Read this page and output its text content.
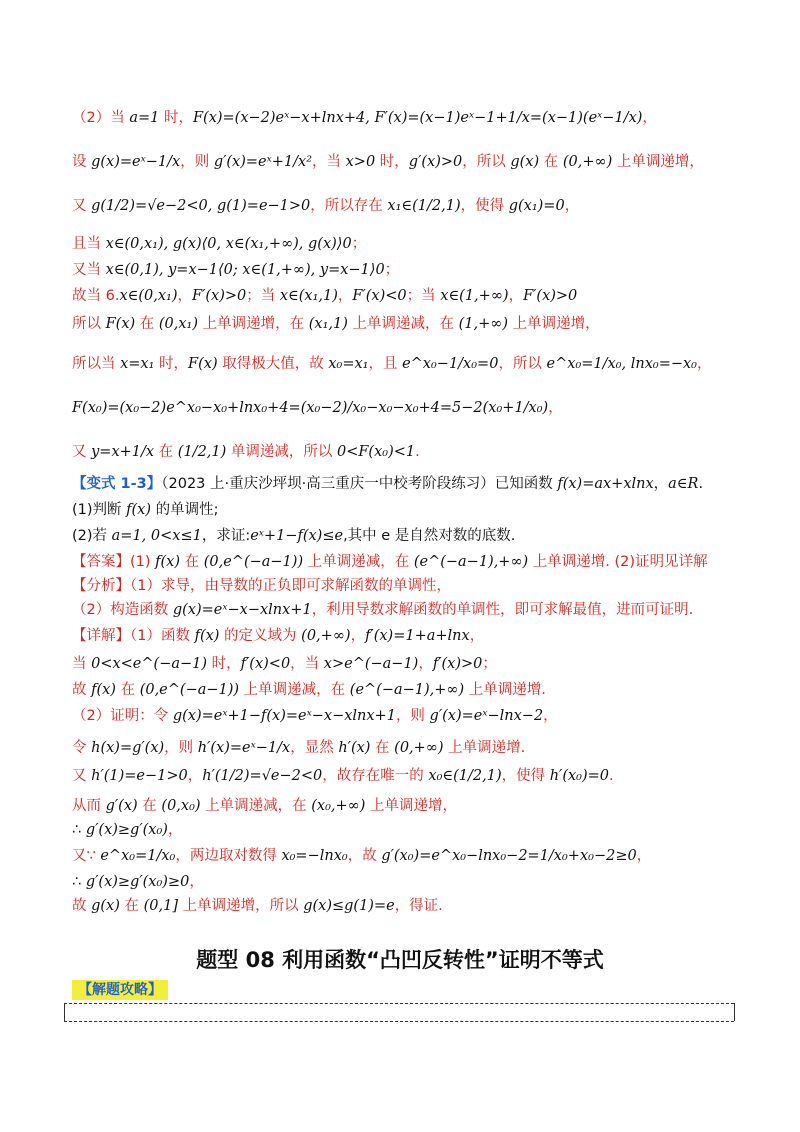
（2）当 a=1 时，F(x)=(x−2)eˣ−x+lnx+4, F′(x)=(x−1)eˣ−1+1/x=(x−1)(eˣ−1/x)，
设 g(x)=eˣ−1/x，则 g′(x)=eˣ+1/x²，当 x>0 时，g′(x)>0，所以 g(x) 在 (0,+∞) 上单调递增，
又 g(1/2)=√e−2<0, g(1)=e−1>0，所以存在 x₁∈(1/2,1)，使得 g(x₁)=0，
且当 x∈(0,x₁), g(x)⟨0, x∈(x₁,+∞), g(x)⟩0；
又当 x∈(0,1), y=x−1⟨0; x∈(1,+∞), y=x−1⟩0；
故当 6.x∈(0,x₁)，F′(x)>0；当 x∈(x₁,1)，F′(x)<0；当 x∈(1,+∞)，F′(x)>0
所以 F(x) 在 (0,x₁) 上单调递增，在 (x₁,1) 上单调递减，在 (1,+∞) 上单调递增，
所以当 x=x₁ 时，F(x) 取得极大值，故 x₀=x₁，且 e^x₀−1/x₀=0，所以 e^x₀=1/x₀, lnx₀=−x₀，
F(x₀)=(x₀−2)e^x₀−x₀+lnx₀+4=(x₀−2)/x₀−x₀−x₀+4=5−2(x₀+1/x₀)，
又 y=x+1/x 在 (1/2,1) 单调递减，所以 0<F(x₀)<1.
【变式 1-3】（2023 上·重庆沙坪坝·高三重庆一中校考阶段练习）已知函数 f(x)=ax+xlnx，a∈R.
(1)判断 f(x) 的单调性;
(2)若 a=1, 0<x≤1，求证:eˣ+1−f(x)≤e,其中 e 是自然对数的底数.
【答案】(1) f(x) 在 (0,e^(−a−1)) 上单调递减，在 (e^(−a−1),+∞) 上单调递增. (2)证明见详解
【分析】（1）求导，由导数的正负即可求解函数的单调性，
（2）构造函数 g(x)=eˣ−x−xlnx+1，利用导数求解函数的单调性，即可求解最值，进而可证明.
【详解】（1）函数 f(x) 的定义域为 (0,+∞)，f′(x)=1+a+lnx，
当 0<x<e^(−a−1) 时，f′(x)<0，当 x>e^(−a−1)，f′(x)>0；
故 f(x) 在 (0,e^(−a−1)) 上单调递减，在 (e^(−a−1),+∞) 上单调递增.
（2）证明：令 g(x)=eˣ+1−f(x)=eˣ−x−xlnx+1，则 g′(x)=eˣ−lnx−2，
令 h(x)=g′(x)，则 h′(x)=eˣ−1/x，显然 h′(x) 在 (0,+∞) 上单调递增.
又 h′(1)=e−1>0，h′(1/2)=√e−2<0，故存在唯一的 x₀∈(1/2,1)，使得 h′(x₀)=0.
从而 g′(x) 在 (0,x₀) 上单调递减，在 (x₀,+∞) 上单调递增，
∴ g′(x)≥g′(x₀)，
又∵ e^x₀=1/x₀，两边取对数得 x₀=−lnx₀，故 g′(x₀)=e^x₀−lnx₀−2=1/x₀+x₀−2≥0，
∴ g′(x)≥g′(x₀)≥0，
故 g(x) 在 (0,1] 上单调递增，所以 g(x)≤g(1)=e，得证.
题型 08 利用函数“凸凹反转性”证明不等式
【解题攻略】
